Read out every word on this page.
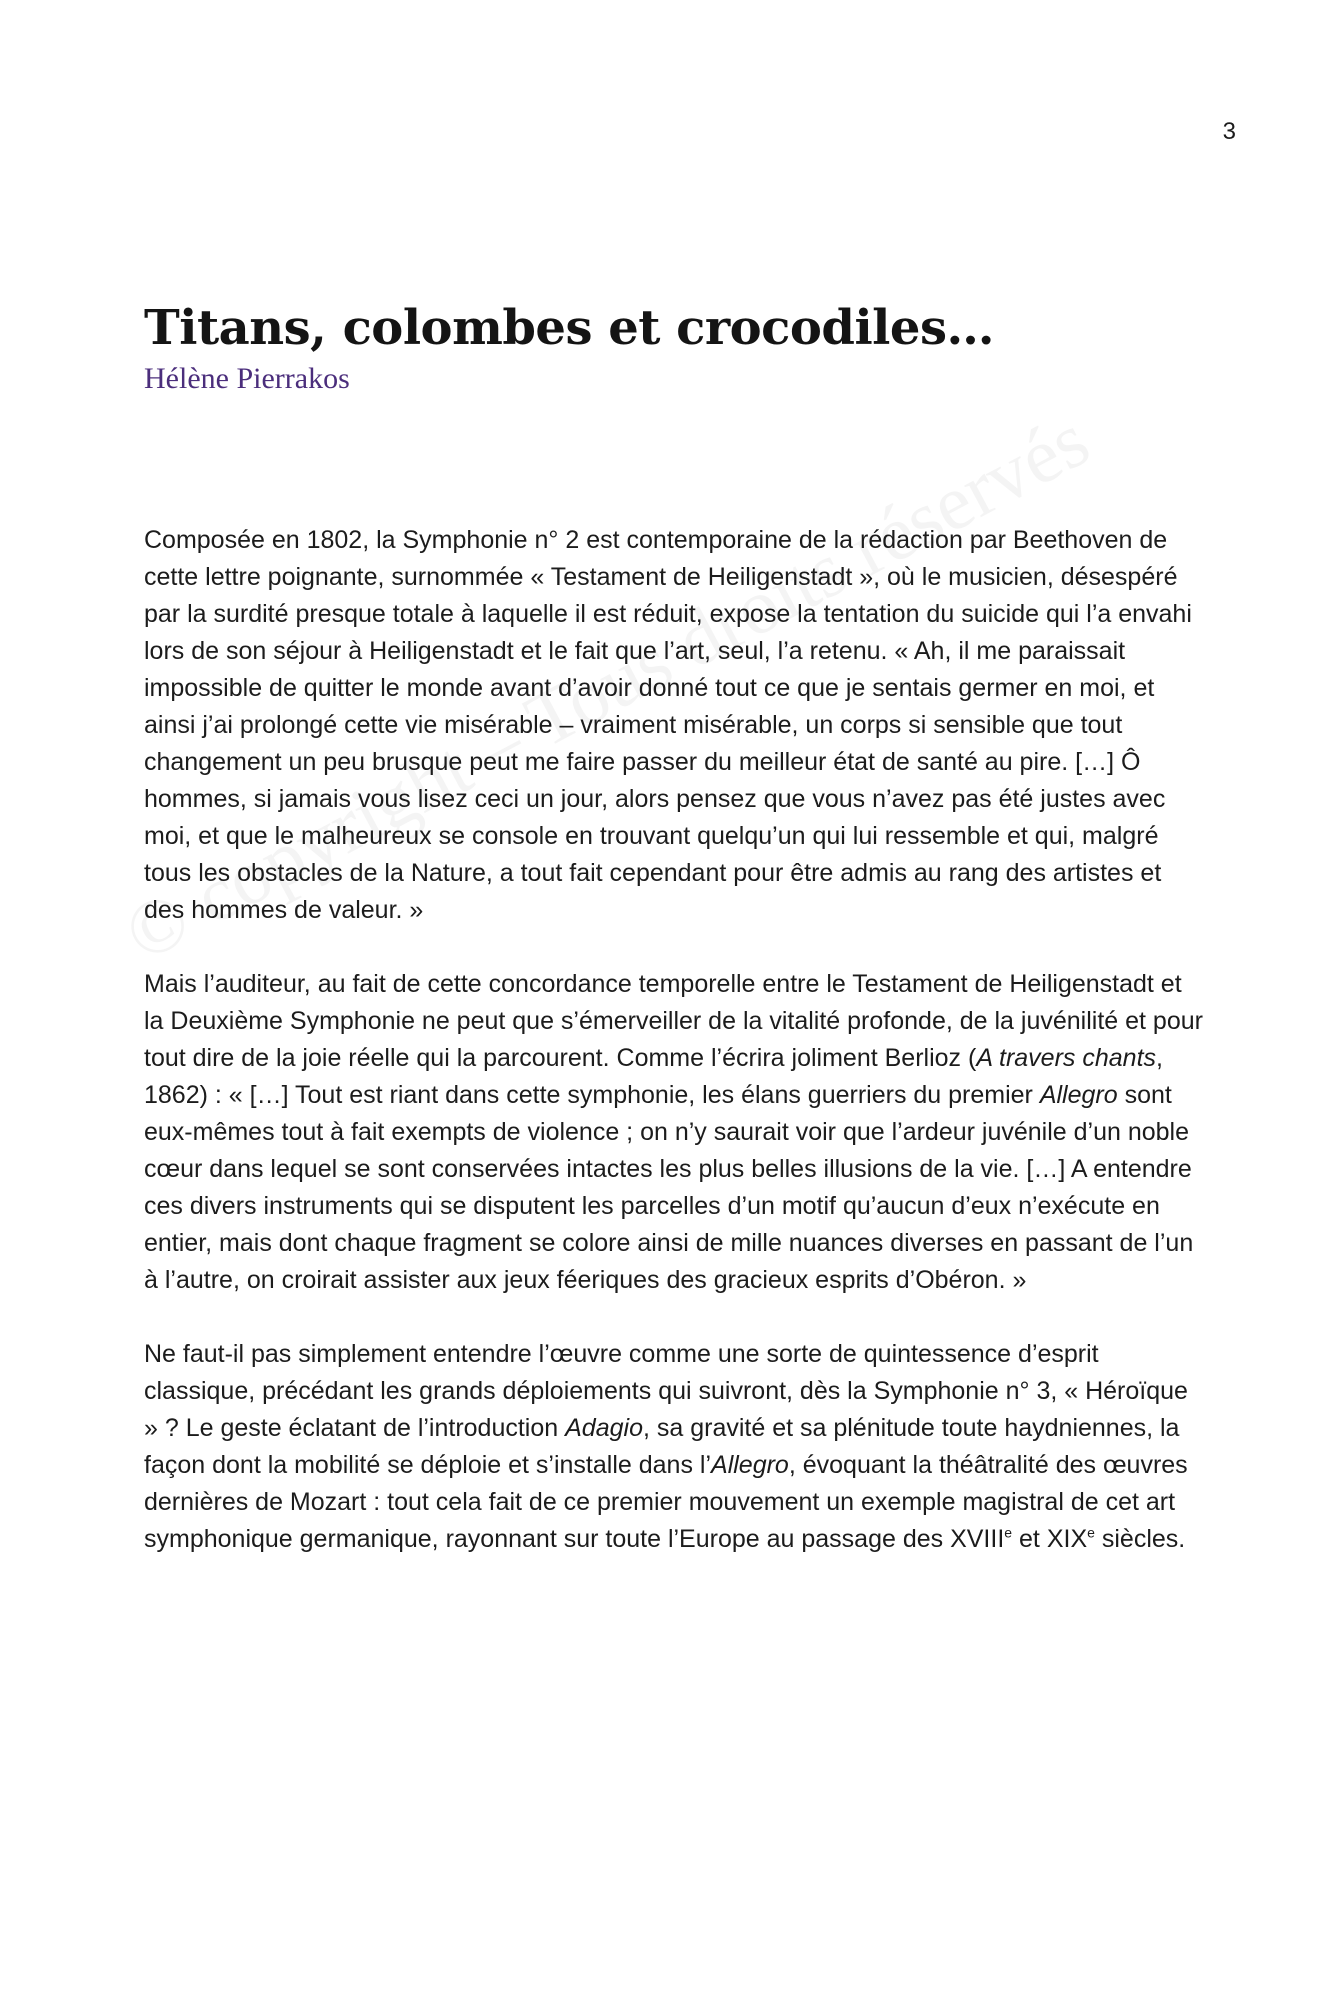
3
Titans, colombes et crocodiles…

Hélène Pierrakos

Composée en 1802, la Symphonie n° 2 est contemporaine de la rédaction par Beethoven de cette lettre poignante, surnommée « Testament de Heiligenstadt », où le musicien, désespéré par la surdité presque totale à laquelle il est réduit, expose la tentation du suicide qui l’a envahi lors de son séjour à Heiligenstadt et le fait que l’art, seul, l’a retenu. « Ah, il me paraissait impossible de quitter le monde avant d’avoir donné tout ce que je sentais germer en moi, et ainsi j’ai prolongé cette vie misérable – vraiment misérable, un corps si sensible que tout changement un peu brusque peut me faire passer du meilleur état de santé au pire. […] Ô hommes, si jamais vous lisez ceci un jour, alors pensez que vous n’avez pas été justes avec moi, et que le malheureux se console en trouvant quelqu’un qui lui ressemble et qui, malgré tous les obstacles de la Nature, a tout fait cependant pour être admis au rang des artistes et des hommes de valeur. »

Mais l’auditeur, au fait de cette concordance temporelle entre le Testament de Heiligenstadt et la Deuxième Symphonie ne peut que s’émerveiller de la vitalité profonde, de la juvénilité et pour tout dire de la joie réelle qui la parcourent. Comme l’écrira joliment Berlioz (A travers chants, 1862) : « […] Tout est riant dans cette symphonie, les élans guerriers du premier Allegro sont eux-mêmes tout à fait exempts de violence ; on n’y saurait voir que l’ardeur juvénile d’un noble cœur dans lequel se sont conservées intactes les plus belles illusions de la vie. […] A entendre ces divers instruments qui se disputent les parcelles d’un motif qu’aucun d’eux n’exécute en entier, mais dont chaque fragment se colore ainsi de mille nuances diverses en passant de l’un à l’autre, on croirait assister aux jeux féeriques des gracieux esprits d’Obéron. »

Ne faut-il pas simplement entendre l’œuvre comme une sorte de quintessence d’esprit classique, précédant les grands déploiements qui suivront, dès la Symphonie n° 3, « Héroïque » ? Le geste éclatant de l’introduction Adagio, sa gravité et sa plénitude toute haydniennes, la façon dont la mobilité se déploie et s’installe dans l’Allegro, évoquant la théâtralité des œuvres dernières de Mozart : tout cela fait de ce premier mouvement un exemple magistral de cet art symphonique germanique, rayonnant sur toute l’Europe au passage des XVIIIe et XIXe siècles.
